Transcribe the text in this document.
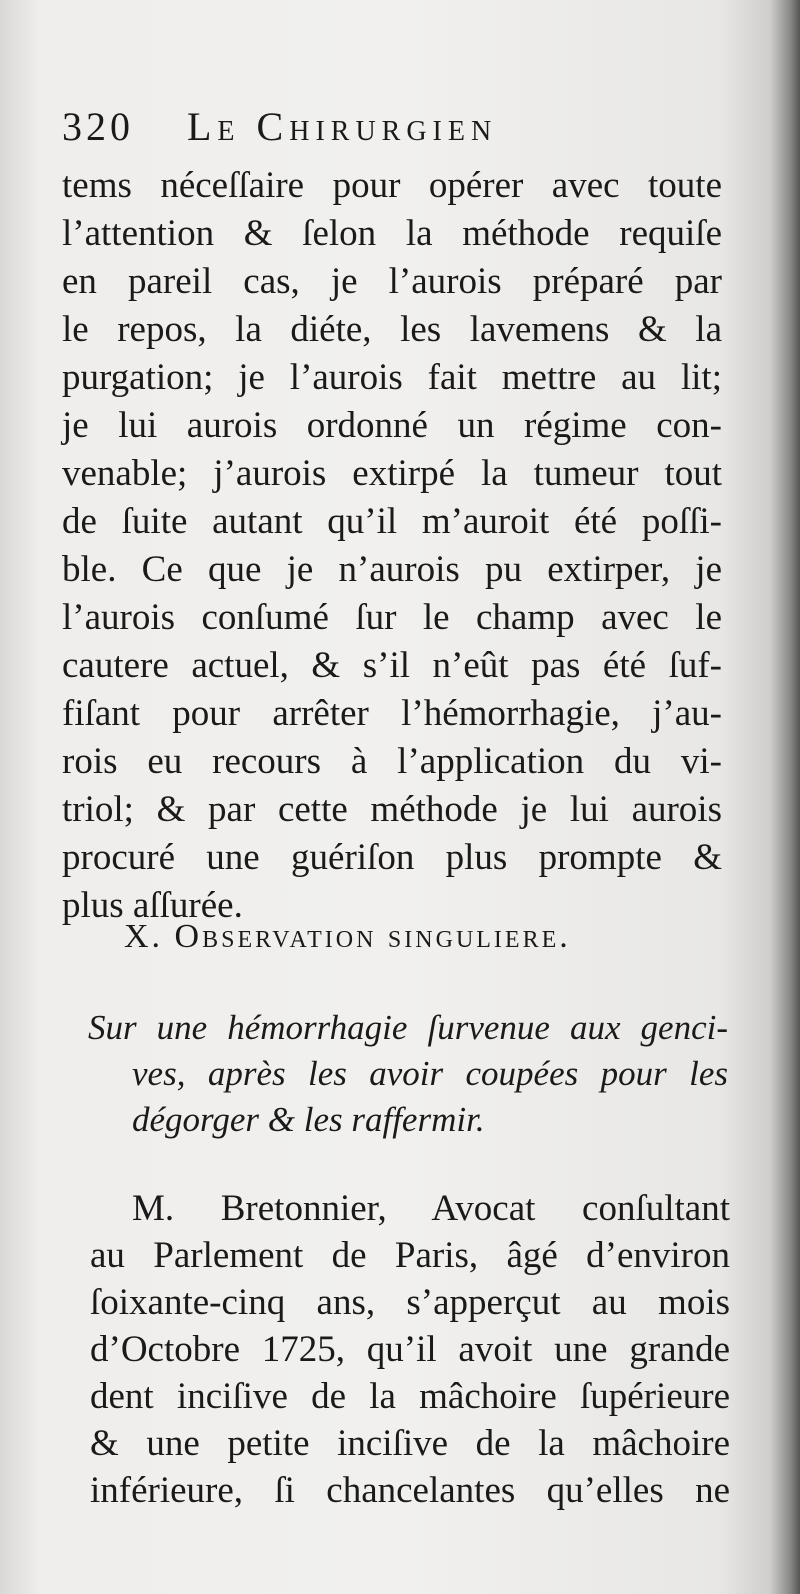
320 Le Chirurgien
tems néceſſaire pour opérer avec toute
l’attention & ſelon la méthode requiſe
en pareil cas, je l’aurois préparé par
le repos, la diéte, les lavemens & la
purgation; je l’aurois fait mettre au lit;
je lui aurois ordonné un régime con-
venable; j’aurois extirpé la tumeur tout
de ſuite autant qu’il m’auroit été poſſi-
ble. Ce que je n’aurois pu extirper, je
l’aurois conſumé ſur le champ avec le
cautere actuel, & s’il n’eût pas été ſuf-
fiſant pour arrêter l’hémorrhagie, j’au-
rois eu recours à l’application du vi-
triol; & par cette méthode je lui aurois
procuré une guériſon plus prompte &
plus aſſurée.
X. Observation singuliere.
Sur une hémorrhagie ſurvenue aux genci-
ves, après les avoir coupées pour les
dégorger & les raffermir.
M. Bretonnier, Avocat conſultant
au Parlement de Paris, âgé d’environ
ſoixante-cinq ans, s’apperçut au mois
d’Octobre 1725, qu’il avoit une grande
dent inciſive de la mâchoire ſupérieure
& une petite inciſive de la mâchoire
inférieure, ſi chancelantes qu’elles ne
